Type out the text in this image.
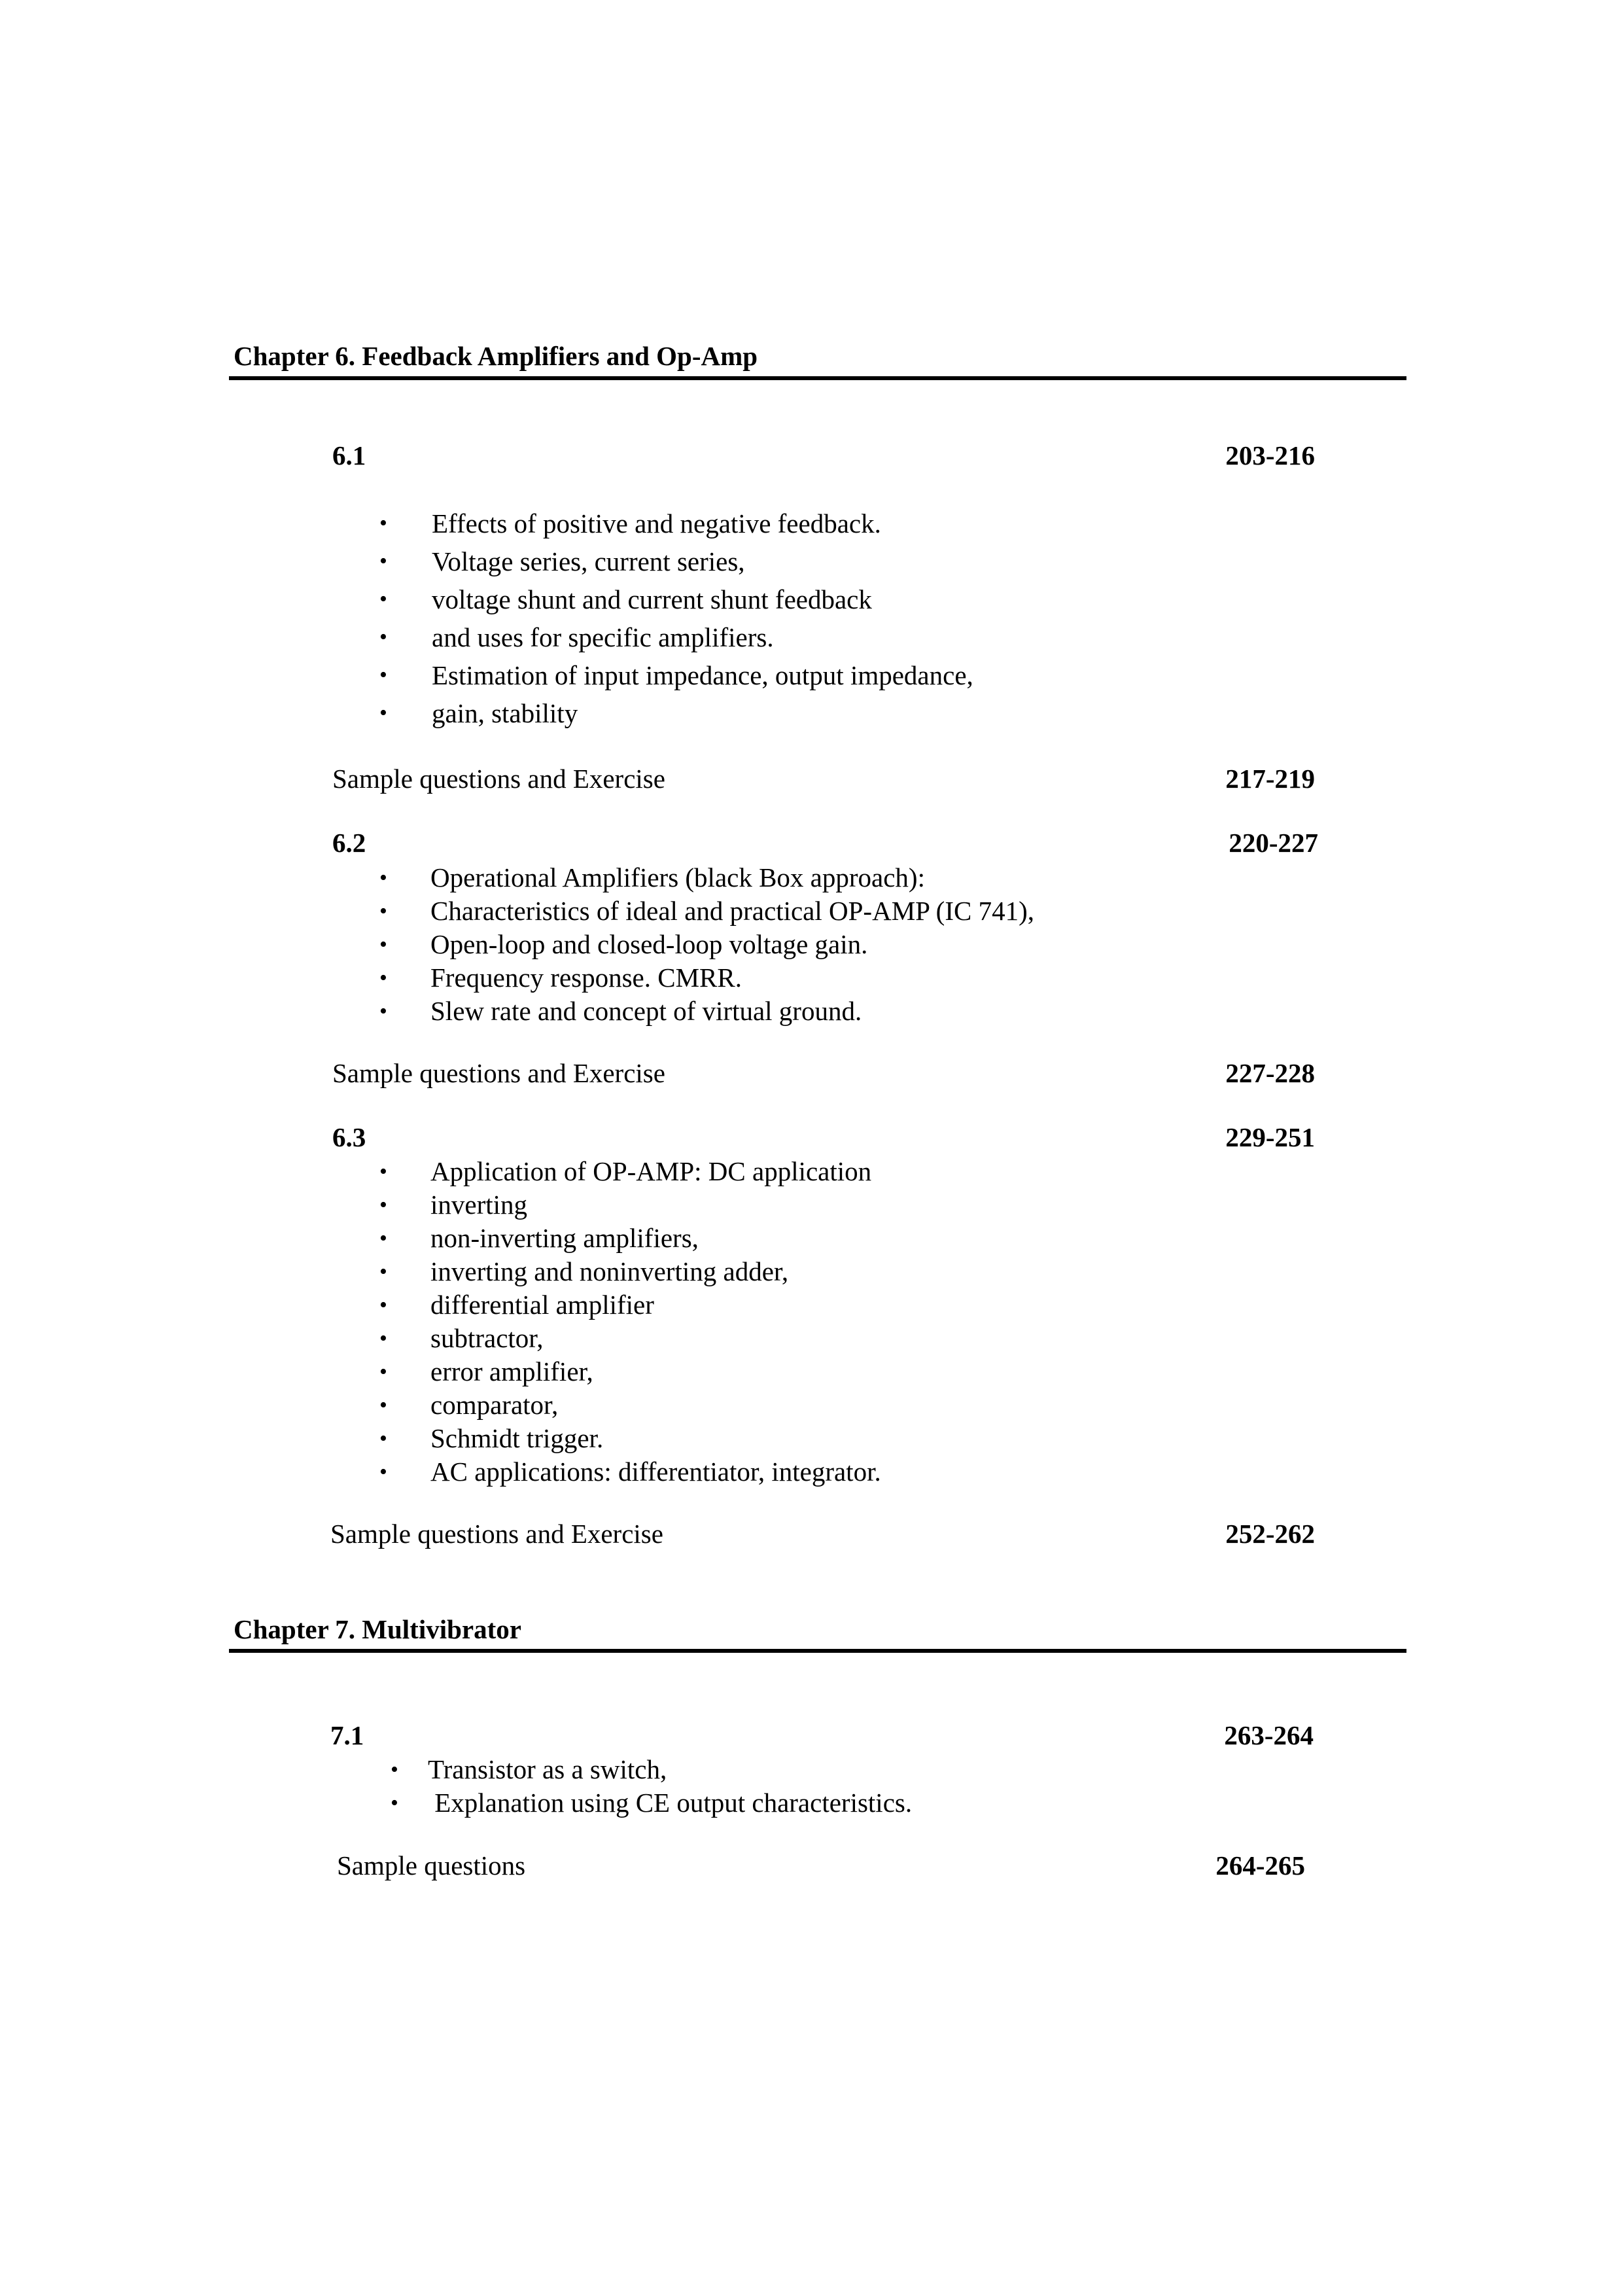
Chapter 6. Feedback Amplifiers and Op-Amp
6.1	203-216
• Effects of positive and negative feedback.
• Voltage series, current series,
• voltage shunt and current shunt feedback
• and uses for specific amplifiers.
• Estimation of input impedance, output impedance,
• gain, stability
Sample questions and Exercise	217-219
6.2	220-227
• Operational Amplifiers (black Box approach):
• Characteristics of ideal and practical OP-AMP (IC 741),
• Open-loop and closed-loop voltage gain.
• Frequency response. CMRR.
• Slew rate and concept of virtual ground.
Sample questions and Exercise	227-228
6.3	229-251
• Application of OP-AMP: DC application
• inverting
• non-inverting amplifiers,
• inverting and noninverting adder,
• differential amplifier
• subtractor,
• error amplifier,
• comparator,
• Schmidt trigger.
• AC applications: differentiator, integrator.
Sample questions and Exercise	252-262
Chapter 7. Multivibrator
7.1	263-264
• Transistor as a switch,
• Explanation using CE output characteristics.
Sample questions	264-265
